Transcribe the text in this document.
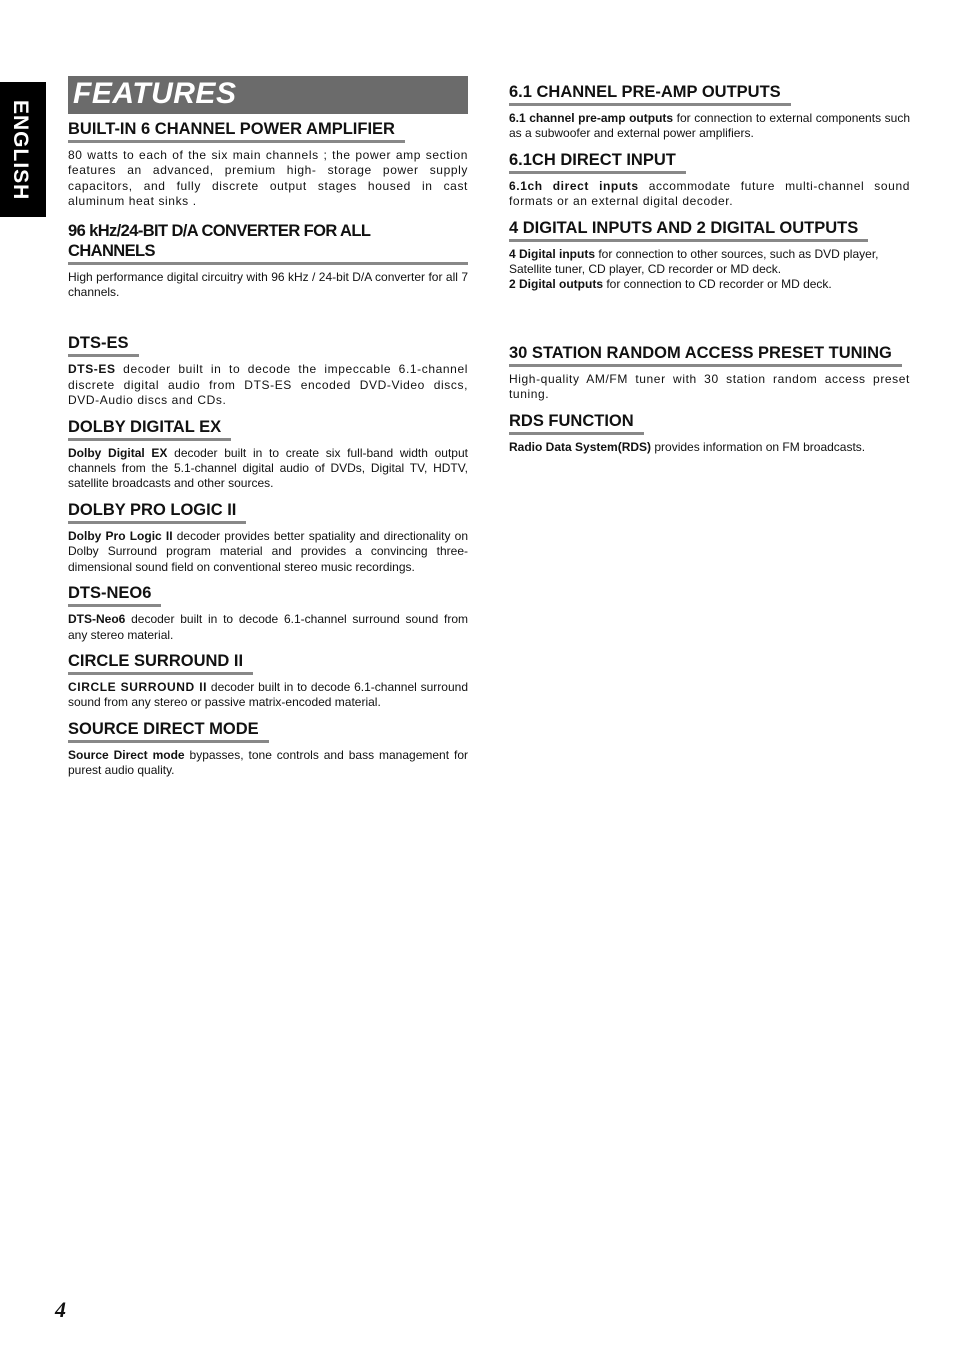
ENGLISH
FEATURES
BUILT-IN 6 CHANNEL POWER AMPLIFIER

80 watts to each of the six main channels ; the power amp section features an advanced, premium high- storage power supply capacitors, and fully discrete output stages housed in cast aluminum heat sinks .

96 kHz/24-BIT D/A CONVERTER FOR ALL CHANNELS

High performance digital circuitry with 96 kHz / 24-bit D/A converter for all 7 channels.

DTS-ES

DTS-ES decoder built in to decode the impeccable 6.1-channel discrete digital audio from DTS-ES encoded DVD-Video discs, DVD-Audio discs and CDs.

DOLBY DIGITAL EX

Dolby Digital EX decoder built in to create six full-band width output channels from the 5.1-channel digital audio of DVDs, Digital TV, HDTV, satellite broadcasts and other sources.

DOLBY PRO LOGIC II

Dolby Pro Logic II decoder provides better spatiality and directionality on Dolby Surround program material and provides a convincing three-dimensional sound field on conventional stereo music recordings.

DTS-NEO6

DTS-Neo6 decoder built in to decode 6.1-channel surround sound from any stereo material.

CIRCLE SURROUND II

CIRCLE SURROUND II decoder built in to decode 6.1-channel surround sound from any stereo or passive matrix-encoded material.

SOURCE DIRECT MODE

Source Direct mode bypasses, tone controls and bass management for purest audio quality.

6.1 CHANNEL PRE-AMP OUTPUTS

6.1 channel pre-amp outputs for connection to external components such as a subwoofer and external power amplifiers.

6.1CH DIRECT INPUT

6.1ch direct inputs accommodate future multi-channel sound formats or an external digital decoder.

4 DIGITAL INPUTS AND 2 DIGITAL OUTPUTS

4 Digital inputs for connection to other sources, such as DVD player, Satellite tuner, CD player, CD recorder or MD deck.
2 Digital outputs for connection to CD recorder or MD deck.

30 STATION RANDOM ACCESS PRESET TUNING

High-quality AM/FM tuner with 30 station random access preset tuning.

RDS FUNCTION

Radio Data System(RDS) provides information on FM broadcasts.

4
